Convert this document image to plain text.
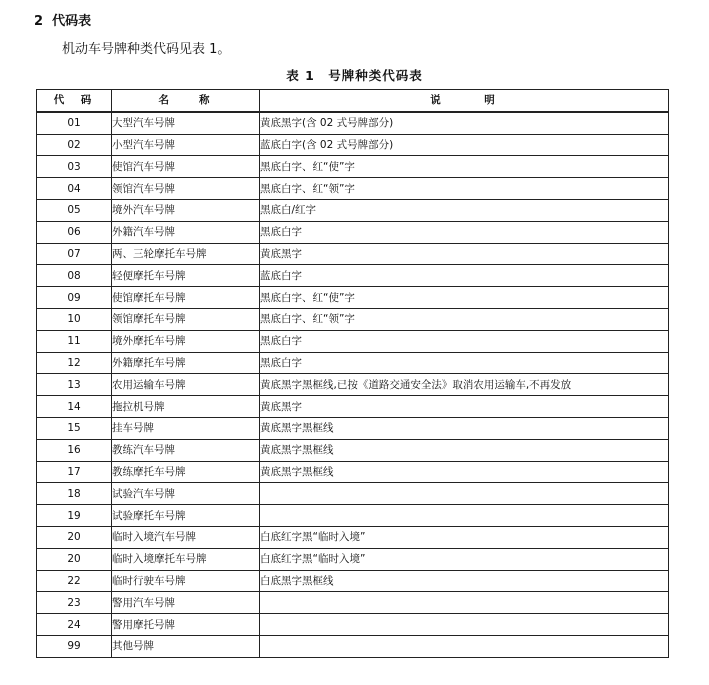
2 代码表
机动车号牌种类代码见表 1。
表 1　号牌种类代码表
代　码	名　　称	说　　　明
01	大型汽车号牌	黄底黑字(含 02 式号牌部分)
02	小型汽车号牌	蓝底白字(含 02 式号牌部分)
03	使馆汽车号牌	黑底白字、红“使”字
04	领馆汽车号牌	黑底白字、红“领”字
05	境外汽车号牌	黑底白/红字
06	外籍汽车号牌	黑底白字
07	两、三轮摩托车号牌	黄底黑字
08	轻便摩托车号牌	蓝底白字
09	使馆摩托车号牌	黑底白字、红“使”字
10	领馆摩托车号牌	黑底白字、红“领”字
11	境外摩托车号牌	黑底白字
12	外籍摩托车号牌	黑底白字
13	农用运输车号牌	黄底黑字黑框线,已按《道路交通安全法》取消农用运输车,不再发放
14	拖拉机号牌	黄底黑字
15	挂车号牌	黄底黑字黑框线
16	教练汽车号牌	黄底黑字黑框线
17	教练摩托车号牌	黄底黑字黑框线
18	试验汽车号牌	
19	试验摩托车号牌	
20	临时入境汽车号牌	白底红字黑“临时入境”
20	临时入境摩托车号牌	白底红字黑“临时入境”
22	临时行驶车号牌	白底黑字黑框线
23	警用汽车号牌	
24	警用摩托号牌	
99	其他号牌	
